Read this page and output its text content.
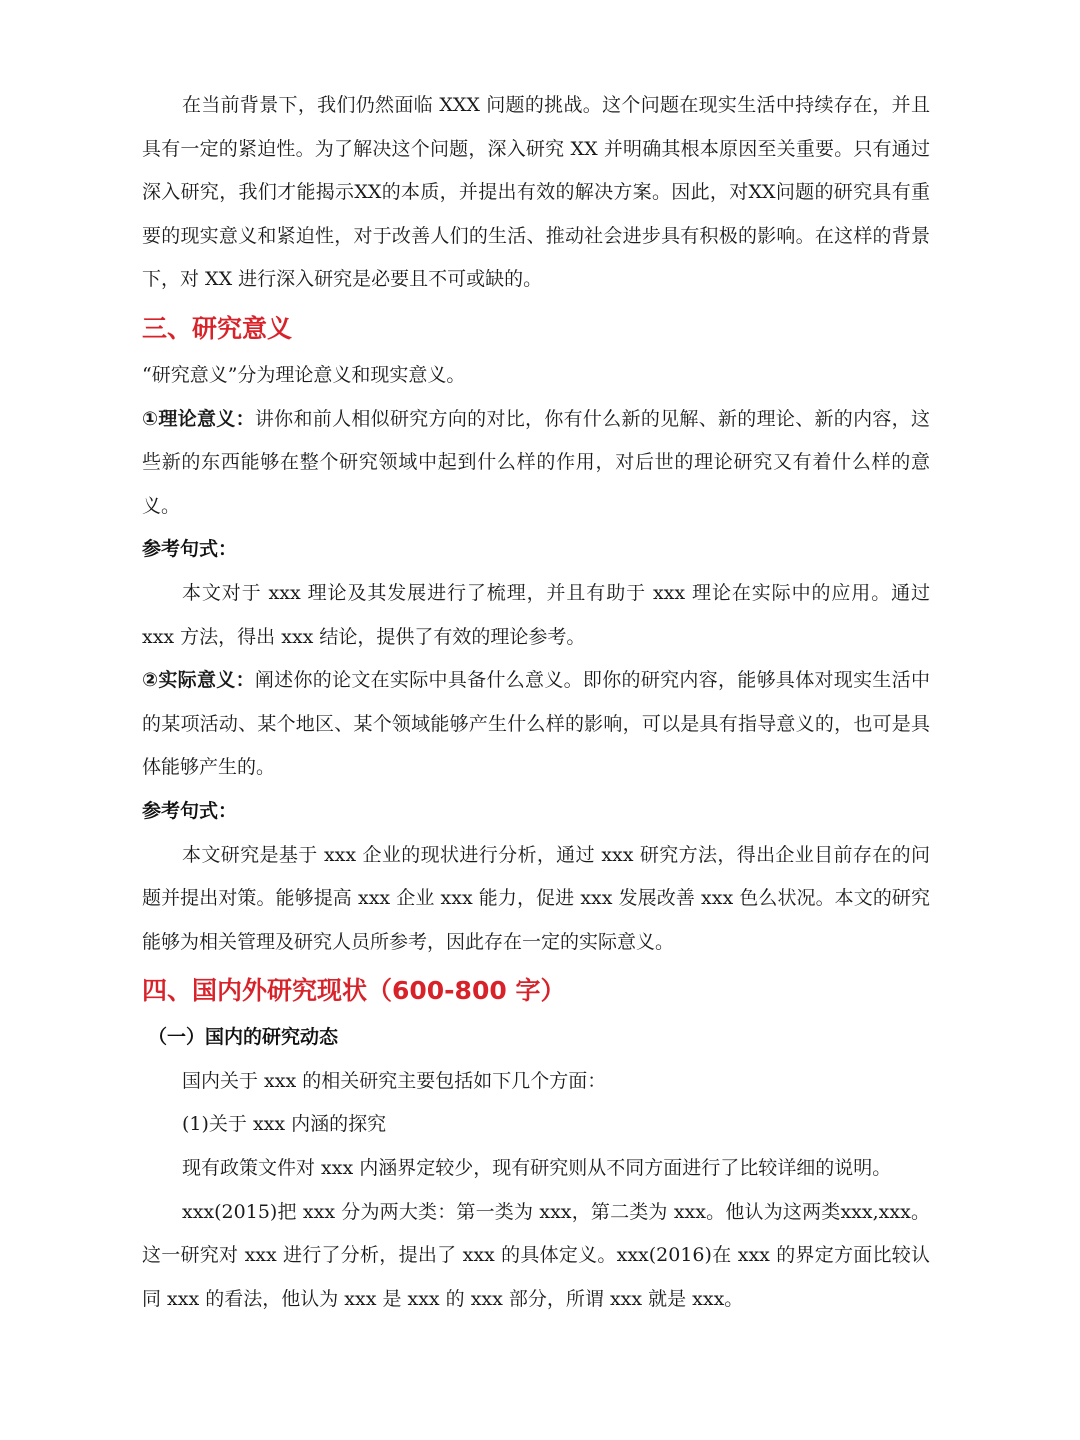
在当前背景下，我们仍然面临 XXX 问题的挑战。这个问题在现实生活中持续存在，并且具有一定的紧迫性。为了解决这个问题，深入研究 XX 并明确其根本原因至关重要。只有通过深入研究，我们才能揭示XX的本质，并提出有效的解决方案。因此，对XX问题的研究具有重要的现实意义和紧迫性，对于改善人们的生活、推动社会进步具有积极的影响。在这样的背景下，对 XX 进行深入研究是必要且不可或缺的。

三、研究意义

“研究意义”分为理论意义和现实意义。

①理论意义：讲你和前人相似研究方向的对比，你有什么新的见解、新的理论、新的内容，这些新的东西能够在整个研究领域中起到什么样的作用，对后世的理论研究又有着什么样的意义。

参考句式：

本文对于 xxx 理论及其发展进行了梳理，并且有助于 xxx 理论在实际中的应用。通过 xxx 方法，得出 xxx 结论，提供了有效的理论参考。

②实际意义：阐述你的论文在实际中具备什么意义。即你的研究内容，能够具体对现实生活中的某项活动、某个地区、某个领域能够产生什么样的影响，可以是具有指导意义的，也可是具体能够产生的。

参考句式：

本文研究是基于 xxx 企业的现状进行分析，通过 xxx 研究方法，得出企业目前存在的问题并提出对策。能够提高 xxx 企业 xxx 能力，促进 xxx 发展改善 xxx 色么状况。本文的研究能够为相关管理及研究人员所参考，因此存在一定的实际意义。

四、国内外研究现状（600-800 字）

（一）国内的研究动态

国内关于 xxx 的相关研究主要包括如下几个方面：

(1)关于 xxx 内涵的探究

现有政策文件对 xxx 内涵界定较少，现有研究则从不同方面进行了比较详细的说明。

xxx(2015)把 xxx 分为两大类：第一类为 xxx，第二类为 xxx。他认为这两类xxx,xxx。这一研究对 xxx 进行了分析，提出了 xxx 的具体定义。xxx(2016)在 xxx 的界定方面比较认同 xxx 的看法，他认为 xxx 是 xxx 的 xxx 部分，所谓 xxx 就是 xxx。
